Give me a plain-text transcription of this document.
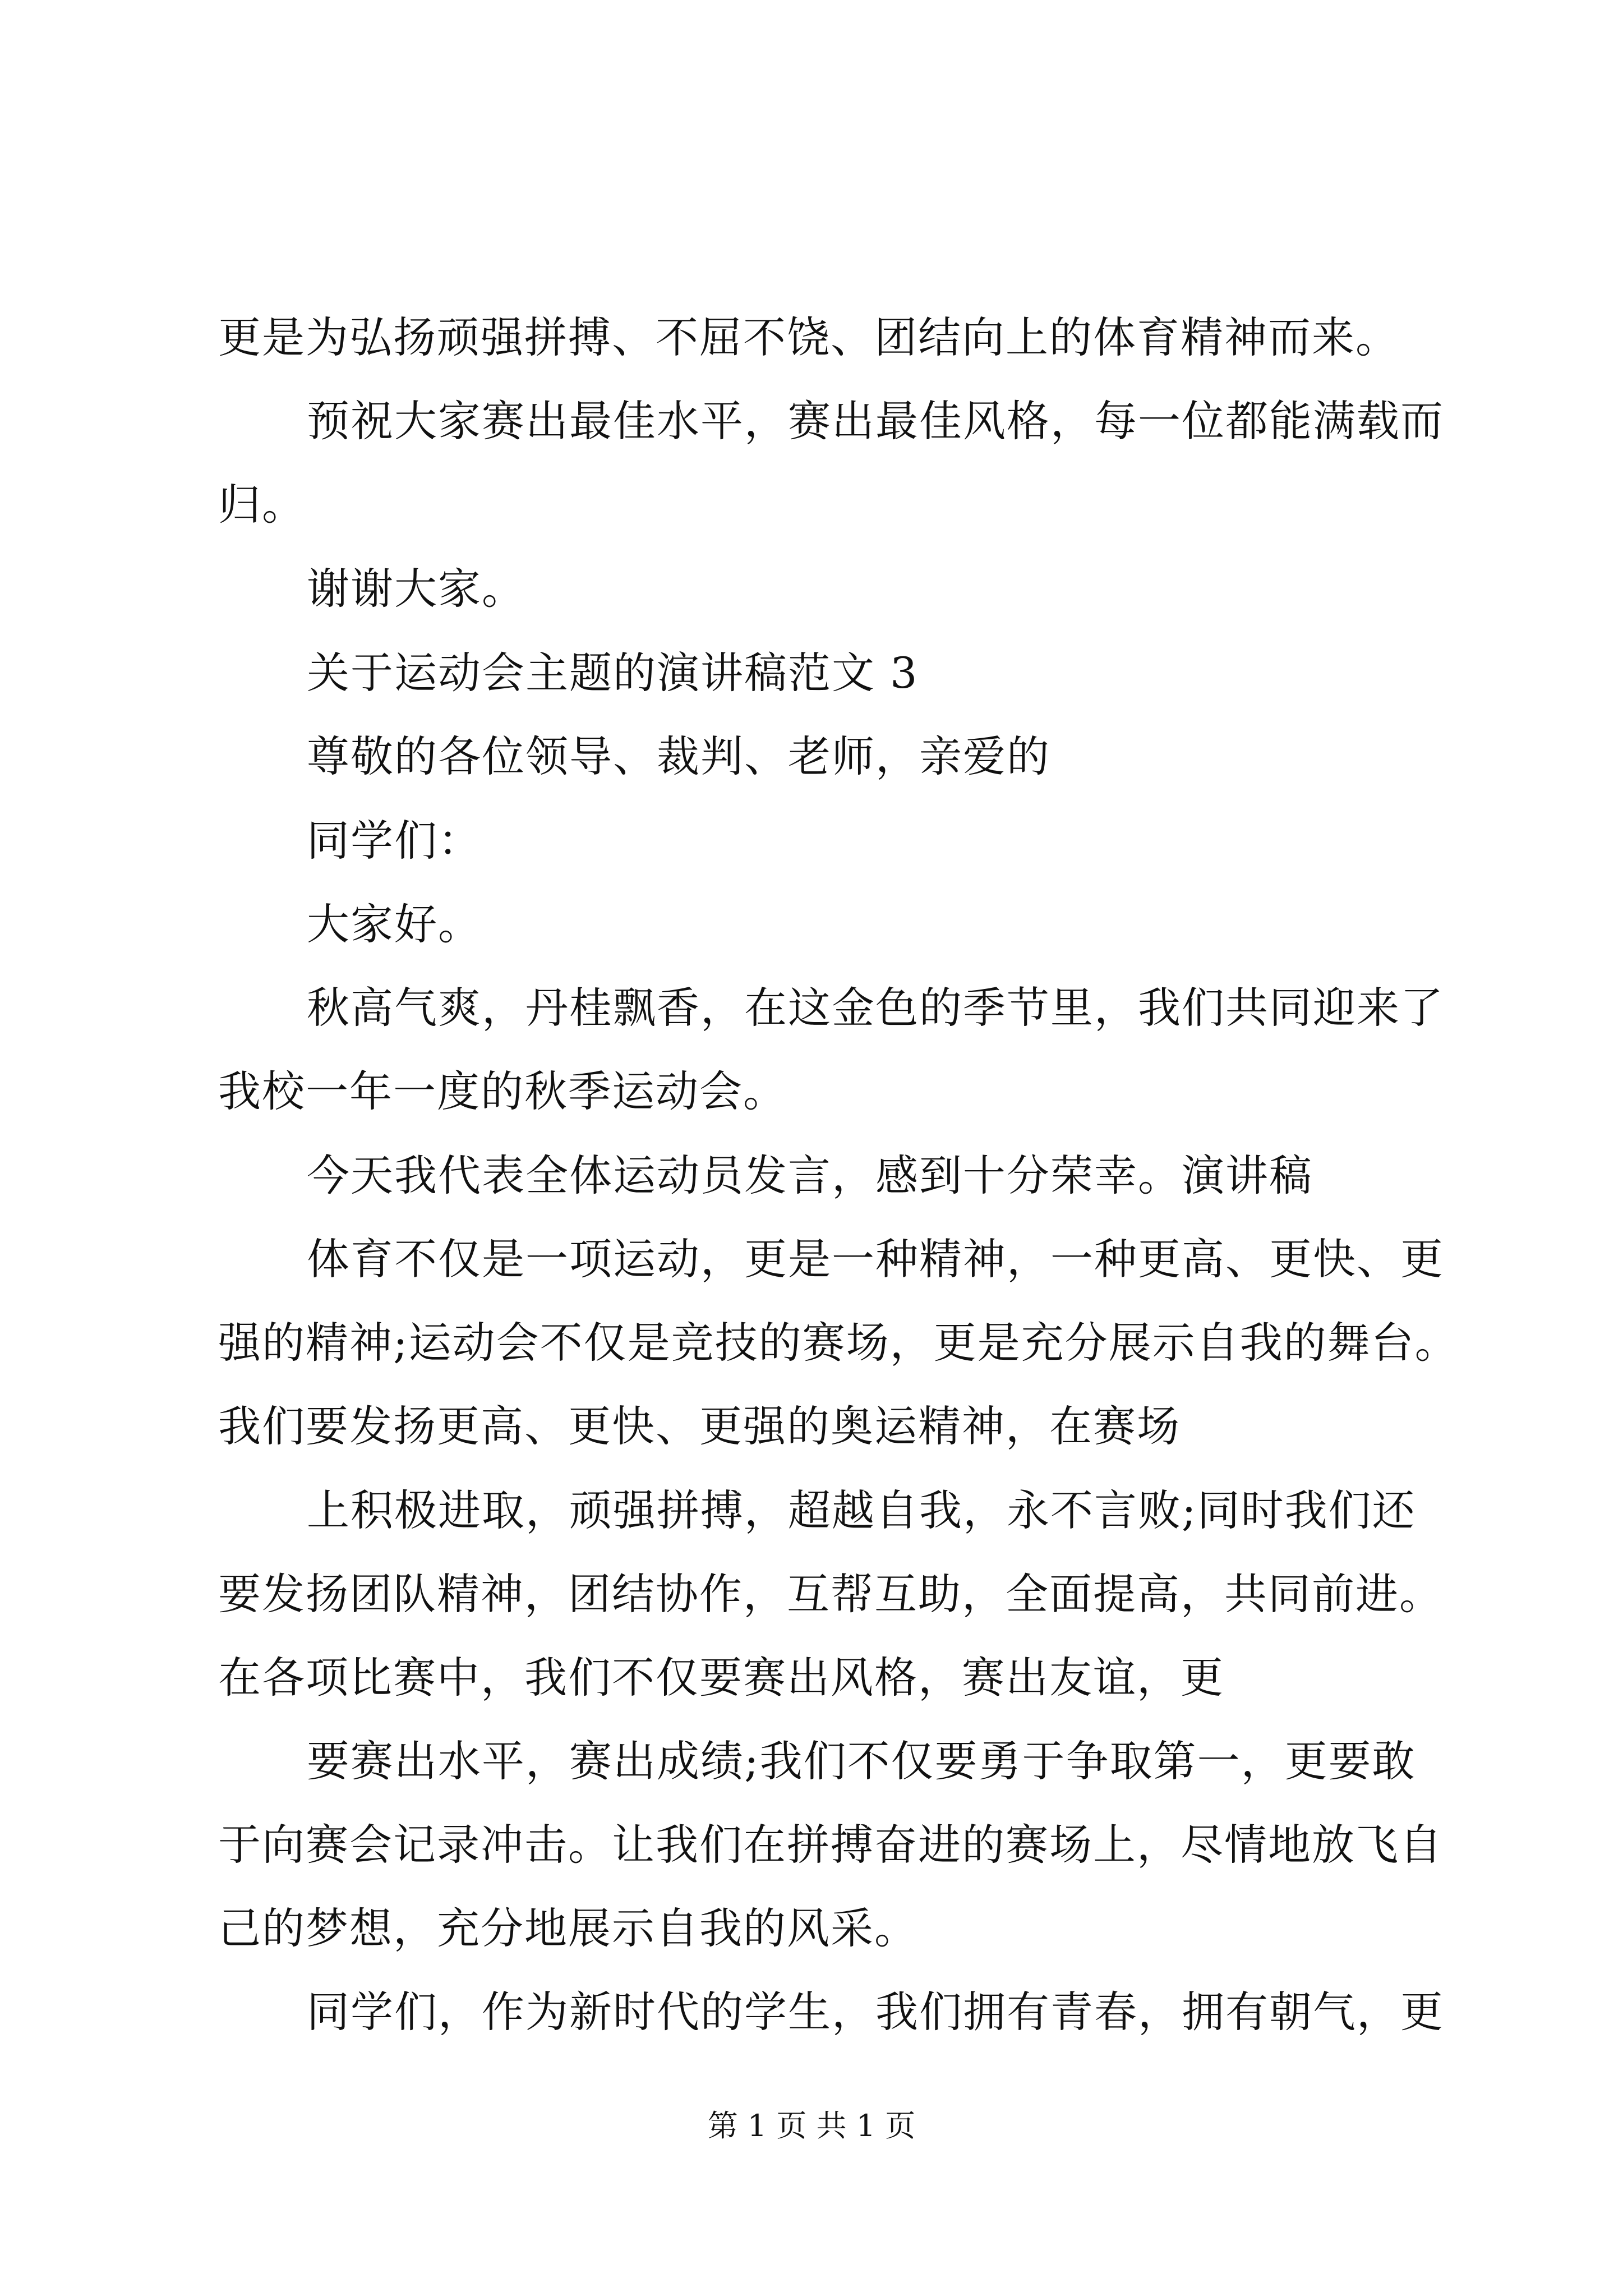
更是为弘扬顽强拼搏、不屈不饶、团结向上的体育精神而来。
预祝大家赛出最佳水平，赛出最佳风格，每一位都能满载而
归。
谢谢大家。
关于运动会主题的演讲稿范文 3
尊敬的各位领导、裁判、老师，亲爱的
同学们：
大家好。
秋高气爽，丹桂飘香，在这金色的季节里，我们共同迎来了
我校一年一度的秋季运动会。
今天我代表全体运动员发言，感到十分荣幸。演讲稿
体育不仅是一项运动，更是一种精神，一种更高、更快、更
强的精神;运动会不仅是竞技的赛场，更是充分展示自我的舞台。
我们要发扬更高、更快、更强的奥运精神，在赛场
上积极进取，顽强拼搏，超越自我，永不言败;同时我们还
要发扬团队精神，团结协作，互帮互助，全面提高，共同前进。
在各项比赛中，我们不仅要赛出风格，赛出友谊，更
要赛出水平，赛出成绩;我们不仅要勇于争取第一，更要敢
于向赛会记录冲击。让我们在拼搏奋进的赛场上，尽情地放飞自
己的梦想，充分地展示自我的风采。
同学们，作为新时代的学生，我们拥有青春，拥有朝气，更
第 1 页 共 1 页
